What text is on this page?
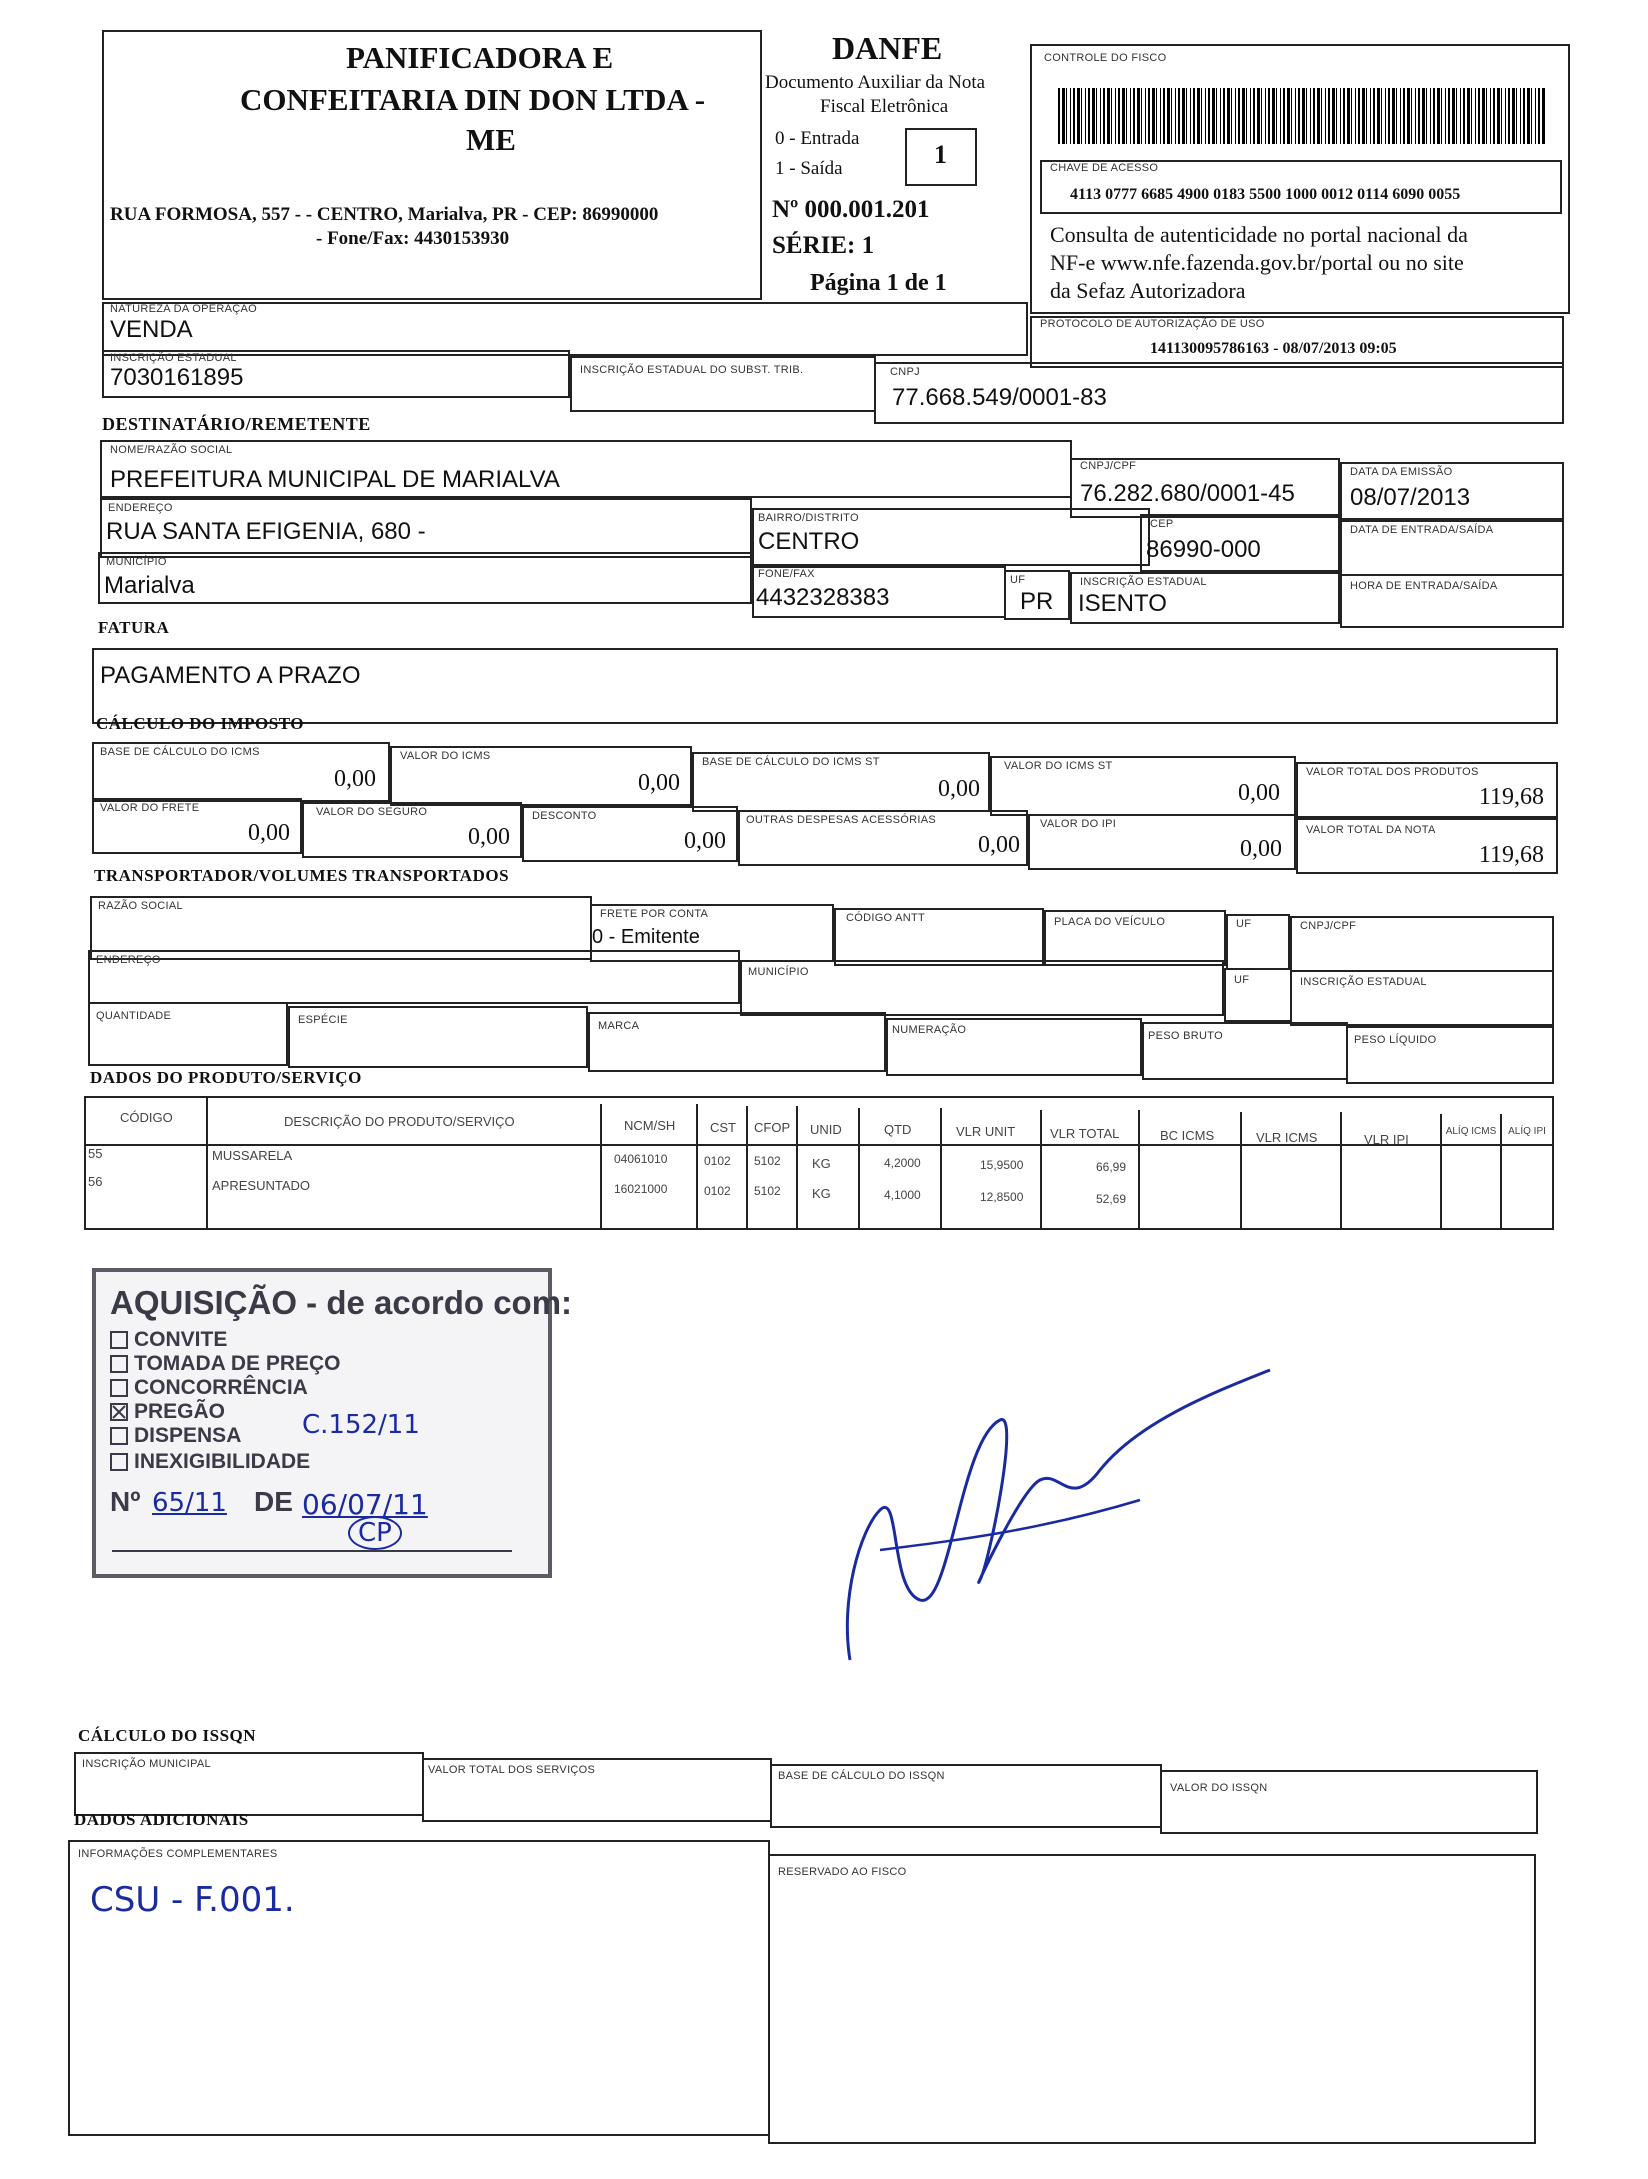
PANIFICADORA E
CONFEITARIA DIN DON LTDA -
ME
RUA FORMOSA, 557 - - CENTRO, Marialva, PR - CEP: 86990000
- Fone/Fax: 4430153930
DANFE
Documento Auxiliar da Nota
Fiscal Eletrônica
0 - Entrada
1 - Saída	1
Nº 000.001.201
SÉRIE: 1
Página 1 de 1
CONTROLE DO FISCO
CHAVE DE ACESSO
4113 0777 6685 4900 0183 5500 1000 0012 0114 6090 0055
Consulta de autenticidade no portal nacional da
NF-e www.nfe.fazenda.gov.br/portal ou no site
da Sefaz Autorizadora
NATUREZA DA OPERAÇÃO
VENDA	PROTOCOLO DE AUTORIZAÇÃO DE USO
141130095786163 - 08/07/2013 09:05
INSCRIÇÃO ESTADUAL
7030161895	INSCRIÇÃO ESTADUAL DO SUBST. TRIB.	CNPJ
77.668.549/0001-83
DESTINATÁRIO/REMETENTE
NOME/RAZÃO SOCIAL
PREFEITURA MUNICIPAL DE MARIALVA	CNPJ/CPF
76.282.680/0001-45
DATA DA EMISSÃO
08/07/2013
ENDEREÇO
RUA SANTA EFIGENIA, 680 -	BAIRRO/DISTRITO
CENTRO
CEP
86990-000
DATA DE ENTRADA/SAÍDA
MUNICÍPIO
Marialva	FONE/FAX
4432328383
UF
PR
INSCRIÇÃO ESTADUAL
ISENTO
HORA DE ENTRADA/SAÍDA
FATURA
PAGAMENTO A PRAZO
CÁLCULO DO IMPOSTO
BASE DE CÁLCULO DO ICMS
0,00
VALOR DO ICMS
0,00
BASE DE CÁLCULO DO ICMS ST
0,00
VALOR DO ICMS ST
0,00
VALOR TOTAL DOS PRODUTOS
119,68
VALOR DO FRETE
0,00
VALOR DO SEGURO
0,00
DESCONTO
0,00
OUTRAS DESPESAS ACESSÓRIAS
0,00
VALOR DO IPI
0,00
VALOR TOTAL DA NOTA
119,68
TRANSPORTADOR/VOLUMES TRANSPORTADOS
RAZÃO SOCIAL
FRETE POR CONTA
0 - Emitente
CÓDIGO ANTT	PLACA DO VEÍCULO	UF	CNPJ/CPF
ENDEREÇO
MUNICÍPIO
UF	INSCRIÇÃO ESTADUAL
QUANTIDADE	ESPÉCIE	MARCA	NUMERAÇÃO	PESO BRUTO	PESO LÍQUIDO
DADOS DO PRODUTO/SERVIÇO
CÓDIGO	DESCRIÇÃO DO PRODUTO/SERVIÇO	NCM/SH	CST CFOP UNID	QTD	VLR UNIT	VLR TOTAL	BC ICMS	VLR ICMS	VLR IPI
ALÍQ ICMS	ALÍQ IPI
55	MUSSARELA	04061010	0102 5102 KG	4,2000	15,9500	66,99
56	APRESUNTADO	16021000	0102 5102 KG	4,1000	12,8500	52,69
AQUISIÇÃO - de acordo com:
CONVITE
TOMADA DE PREÇO
CONCORRÊNCIA
PREGÃO
DISPENSA
INEXIGIBILIDADE
C.152/11
Nº 65/11 DE 06/07/11
CP
CÁLCULO DO ISSQN
INSCRIÇÃO MUNICIPAL	VALOR TOTAL DOS SERVIÇOS	BASE DE CÁLCULO DO ISSQN
VALOR DO ISSQN
DADOS ADICIONAIS
INFORMAÇÕES COMPLEMENTARES
CSU - F.001.
RESERVADO AO FISCO
